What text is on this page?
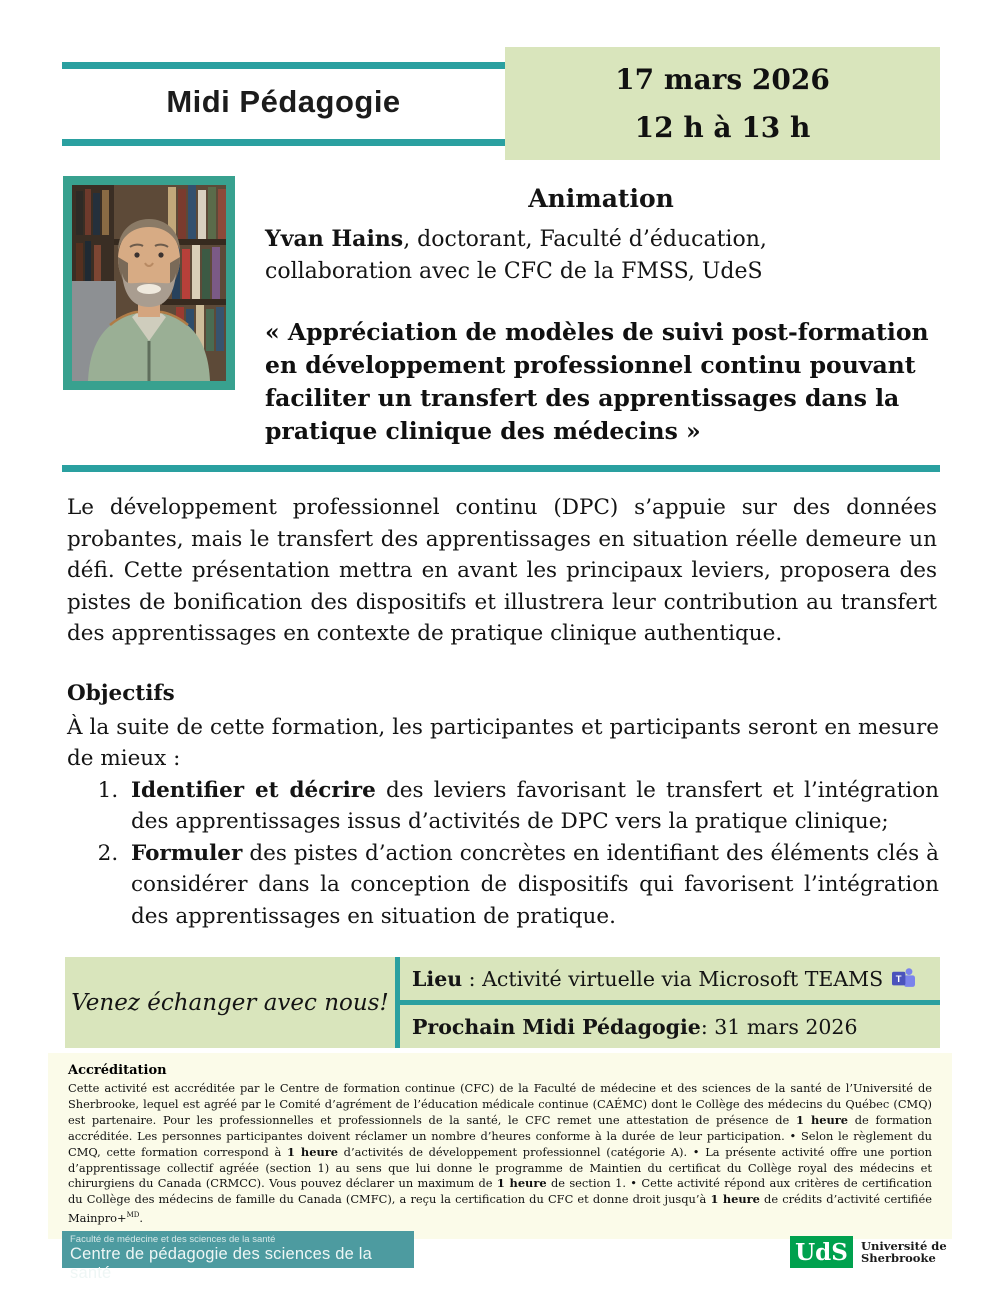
Midi Pédagogie
17 mars 2026
12 h à 13 h
Animation
Yvan Hains, doctorant, Faculté d’éducation,
collaboration avec le CFC de la FMSS, UdeS
« Appréciation de modèles de suivi post-formation en développement professionnel continu pouvant faciliter un transfert des apprentissages dans la pratique clinique des médecins »
Le développement professionnel continu (DPC) s’appuie sur des données probantes, mais le transfert des apprentissages en situation réelle demeure un défi. Cette présentation mettra en avant les principaux leviers, proposera des pistes de bonification des dispositifs et illustrera leur contribution au transfert des apprentissages en contexte de pratique clinique authentique.
Objectifs
À la suite de cette formation, les participantes et participants seront en mesure de mieux :
1. Identifier et décrire des leviers favorisant le transfert et l’intégration des apprentissages issus d’activités de DPC vers la pratique clinique;
2. Formuler des pistes d’action concrètes en identifiant des éléments clés à considérer dans la conception de dispositifs qui favorisent l’intégration des apprentissages en situation de pratique.
Venez échanger avec nous!
Lieu : Activité virtuelle via Microsoft TEAMS T
Prochain Midi Pédagogie : 31 mars 2026
Accréditation

Cette activité est accréditée par le Centre de formation continue (CFC) de la Faculté de médecine et des sciences de la santé de l’Université de Sherbrooke, lequel est agréé par le Comité d’agrément de l’éducation médicale continue (CAÉMC) dont le Collège des médecins du Québec (CMQ) est partenaire. Pour les professionnelles et professionnels de la santé, le CFC remet une attestation de présence de 1 heure de formation accréditée. Les personnes participantes doivent réclamer un nombre d’heures conforme à la durée de leur participation. • Selon le règlement du CMQ, cette formation correspond à 1 heure d’activités de développement professionnel (catégorie A). • La présente activité offre une portion d’apprentissage collectif agréée (section 1) au sens que lui donne le programme de Maintien du certificat du Collège royal des médecins et chirurgiens du Canada (CRMCC). Vous pouvez déclarer un maximum de 1 heure de section 1. • Cette activité répond aux critères de certification du Collège des médecins de famille du Canada (CMFC), a reçu la certification du CFC et donne droit jusqu’à 1 heure de crédits d’activité certifiée Mainpro+$^{MD}$.

Faculté de médecine et des sciences de la santé
Centre de pédagogie des sciences de la santé
UdS	Université de
Sherbrooke
